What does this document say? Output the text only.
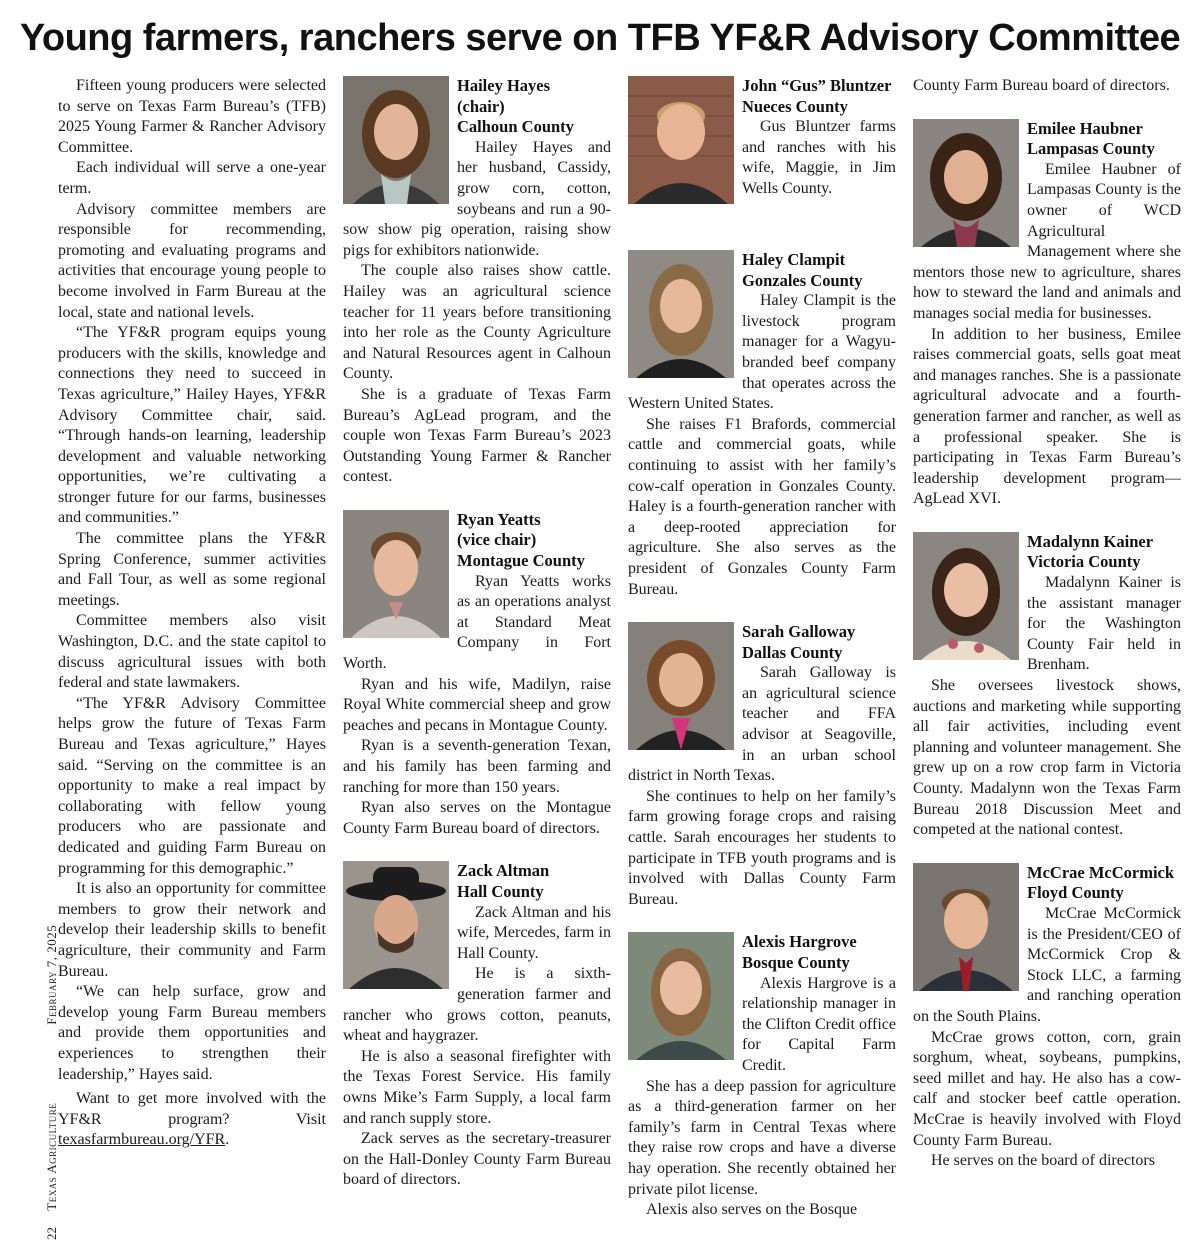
Young farmers, ranchers serve on TFB YF&R Advisory Committee
22     Texas Agriculture                        February 7, 2025

Fifteen young producers were selected to serve on Texas Farm Bureau’s (TFB) 2025 Young Farmer & Rancher Advisory Committee.

Each individual will serve a one-year term.

Advisory committee members are responsible for recommending, promoting and evaluating programs and activities that encourage young people to become involved in Farm Bureau at the local, state and national levels.

“The YF&R program equips young producers with the skills, knowledge and connections they need to succeed in Texas agriculture,” Hailey Hayes, YF&R Advisory Committee chair, said. “Through hands-on learning, leadership development and valuable networking opportunities, we’re cultivating a stronger future for our farms, businesses and communities.”

The committee plans the YF&R Spring Conference, summer activities and Fall Tour, as well as some regional meetings.

Committee members also visit Washington, D.C. and the state capitol to discuss agricultural issues with both federal and state lawmakers.

“The YF&R Advisory Committee helps grow the future of Texas Farm Bureau and Texas agriculture,” Hayes said. “Serving on the committee is an opportunity to make a real impact by collaborating with fellow young producers who are passionate and dedicated and guiding Farm Bureau on programming for this demographic.”

It is also an opportunity for committee members to grow their network and develop their leadership skills to benefit agriculture, their community and Farm Bureau.

“We can help surface, grow and develop young Farm Bureau members and provide them opportunities and experiences to strengthen their leadership,” Hayes said.

Want to get more involved with the YF&R program? Visit texasfarmbureau.org/YFR.

Hailey Hayes
(chair)
Calhoun County

Hailey Hayes and her husband, Cassidy, grow corn, cotton, soybeans and run a 90-sow show pig operation, raising show pigs for exhibitors nationwide.

The couple also raises show cattle. Hailey was an agricultural science teacher for 11 years before transitioning into her role as the County Agriculture and Natural Resources agent in Calhoun County.

She is a graduate of Texas Farm Bureau’s AgLead program, and the couple won Texas Farm Bureau’s 2023 Outstanding Young Farmer & Rancher contest.

Ryan Yeatts
(vice chair)
Montague County

Ryan Yeatts works as an operations analyst at Standard Meat Company in Fort Worth.

Ryan and his wife, Madilyn, raise Royal White commercial sheep and grow peaches and pecans in Montague County.

Ryan is a seventh-generation Texan, and his family has been farming and ranching for more than 150 years.

Ryan also serves on the Montague County Farm Bureau board of directors.

Zack Altman
Hall County

Zack Altman and his wife, Mercedes, farm in Hall County.

He is a sixth-generation farmer and rancher who grows cotton, peanuts, wheat and haygrazer.

He is also a seasonal firefighter with the Texas Forest Service. His family owns Mike’s Farm Supply, a local farm and ranch supply store.

Zack serves as the secretary-treasurer on the Hall-Donley County Farm Bureau board of directors.

John “Gus” Bluntzer
Nueces County

Gus Bluntzer farms and ranches with his wife, Maggie, in Jim Wells County.

Haley Clampit
Gonzales County

Haley Clampit is the livestock program manager for a Wagyu-branded beef company that operates across the Western United States.

She raises F1 Brafords, commercial cattle and commercial goats, while continuing to assist with her family’s cow-calf operation in Gonzales County. Haley is a fourth-generation rancher with a deep-rooted appreciation for agriculture. She also serves as the president of Gonzales County Farm Bureau.

Sarah Galloway
Dallas County

Sarah Galloway is an agricultural science teacher and FFA advisor at Seagoville, in an urban school district in North Texas.

She continues to help on her family’s farm growing forage crops and raising cattle. Sarah encourages her students to participate in TFB youth programs and is involved with Dallas County Farm Bureau.

Alexis Hargrove
Bosque County

Alexis Hargrove is a relationship manager in the Clifton Credit office for Capital Farm Credit.

She has a deep passion for agriculture as a third-generation farmer on her family’s farm in Central Texas where they raise row crops and have a diverse hay operation. She recently obtained her private pilot license.

Alexis also serves on the Bosque

County Farm Bureau board of directors.

Emilee Haubner
Lampasas County

Emilee Haubner of Lampasas County is the owner of WCD Agricultural Management where she mentors those new to agriculture, shares how to steward the land and animals and manages social media for businesses.

In addition to her business, Emilee raises commercial goats, sells goat meat and manages ranches. She is a passionate agricultural advocate and a fourth-generation farmer and rancher, as well as a professional speaker. She is participating in Texas Farm Bureau’s leadership development program—AgLead XVI.

Madalynn Kainer
Victoria County

Madalynn Kainer is the assistant manager for the Washington County Fair held in Brenham.

She oversees livestock shows, auctions and marketing while supporting all fair activities, including event planning and volunteer management. She grew up on a row crop farm in Victoria County. Madalynn won the Texas Farm Bureau 2018 Discussion Meet and competed at the national contest.

McCrae McCormick
Floyd County

McCrae McCormick is the President/CEO of McCormick Crop & Stock LLC, a farming and ranching operation on the South Plains.

McCrae grows cotton, corn, grain sorghum, wheat, soybeans, pumpkins, seed millet and hay. He also has a cow-calf and stocker beef cattle operation. McCrae is heavily involved with Floyd County Farm Bureau.

He serves on the board of directors
